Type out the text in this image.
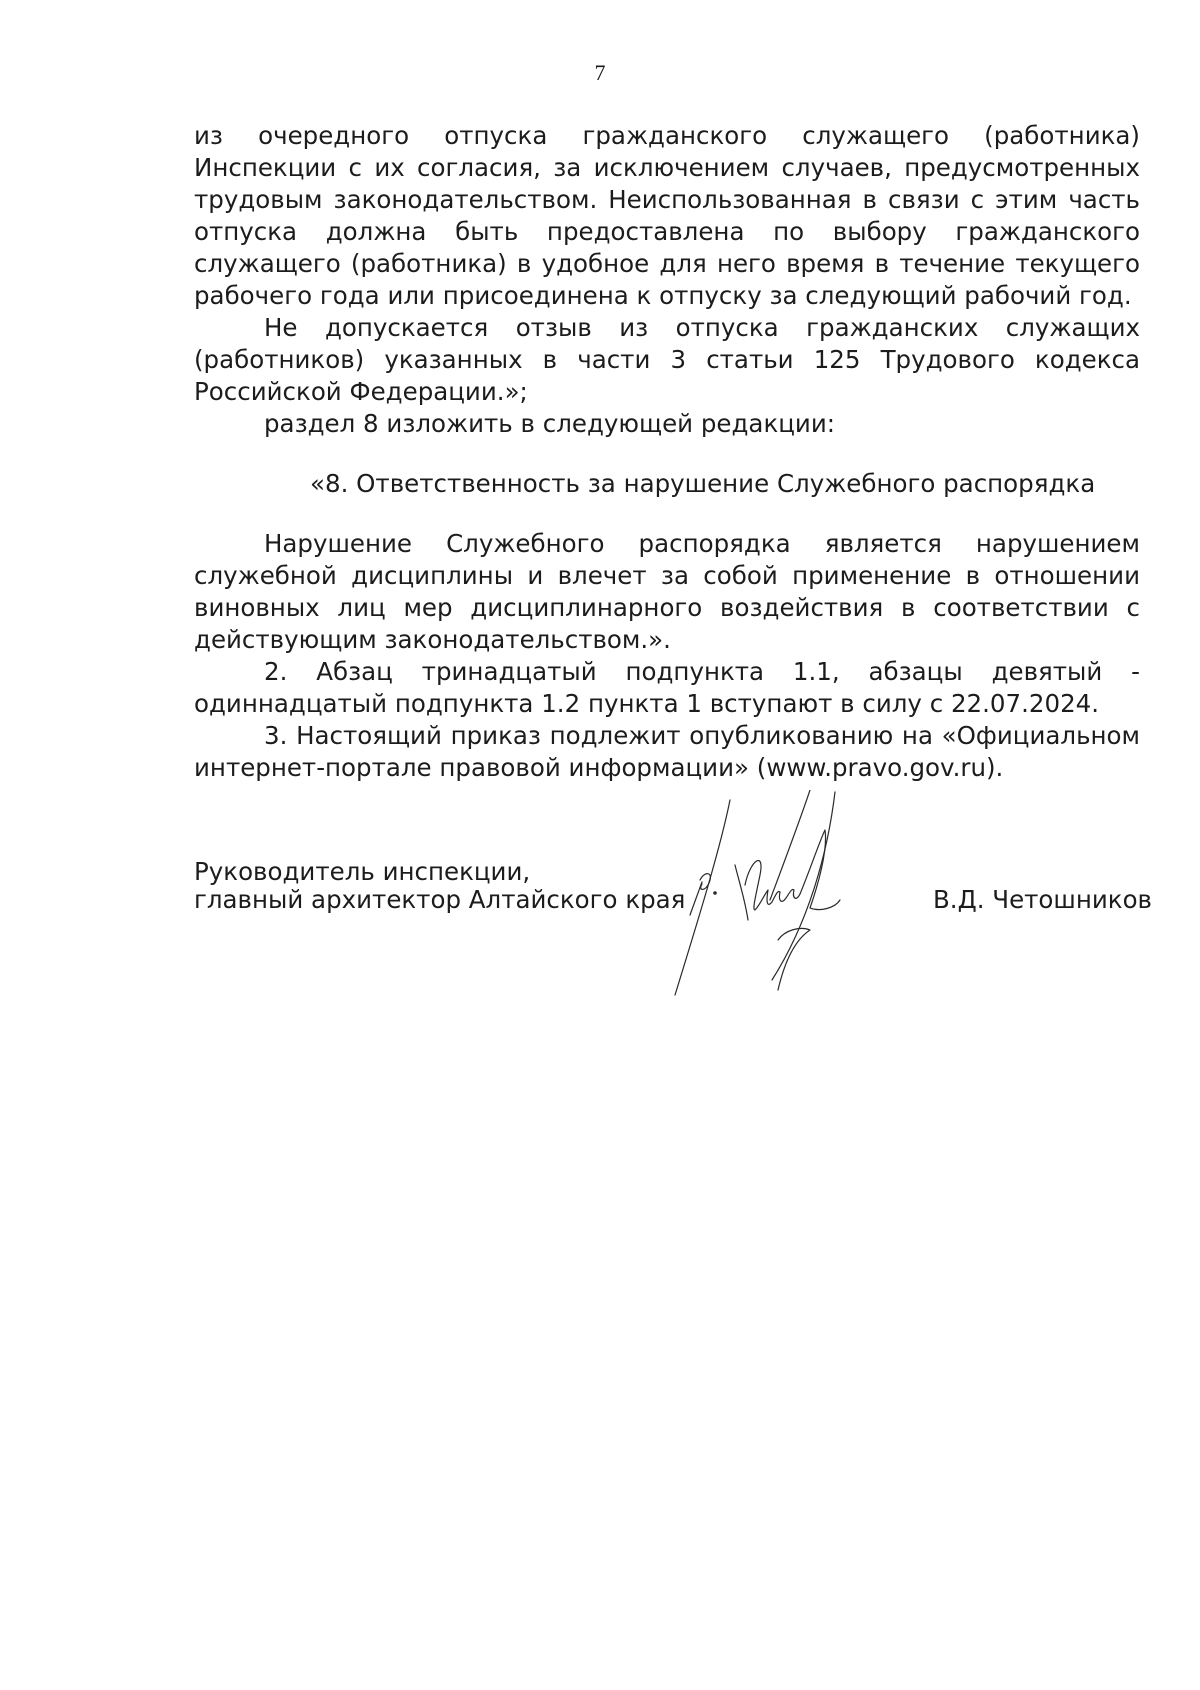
7

из очередного отпуска гражданского служащего (работника) Инспекции с их согласия, за исключением случаев, предусмотренных трудовым законодательством. Неиспользованная в связи с этим часть отпуска должна быть предоставлена по выбору гражданского служащего (работника) в удобное для него время в течение текущего рабочего года или присоединена к отпуску за следующий рабочий год.

Не допускается отзыв из отпуска гражданских служащих (работников) указанных в части 3 статьи 125 Трудового кодекса Российской Федерации.»;

раздел 8 изложить в следующей редакции:

«8. Ответственность за нарушение Служебного распорядка

Нарушение Служебного распорядка является нарушением служебной дисциплины и влечет за собой применение в отношении виновных лиц мер дисциплинарного воздействия в соответствии с действующим законодательством.».

2. Абзац тринадцатый подпункта 1.1, абзацы девятый - одиннадцатый подпункта 1.2 пункта 1 вступают в силу с 22.07.2024.

3. Настоящий приказ подлежит опубликованию на «Официальном интернет-портале правовой информации» (www.pravo.gov.ru).

Руководитель инспекции,
главный архитектор Алтайского края	В.Д. Четошников
